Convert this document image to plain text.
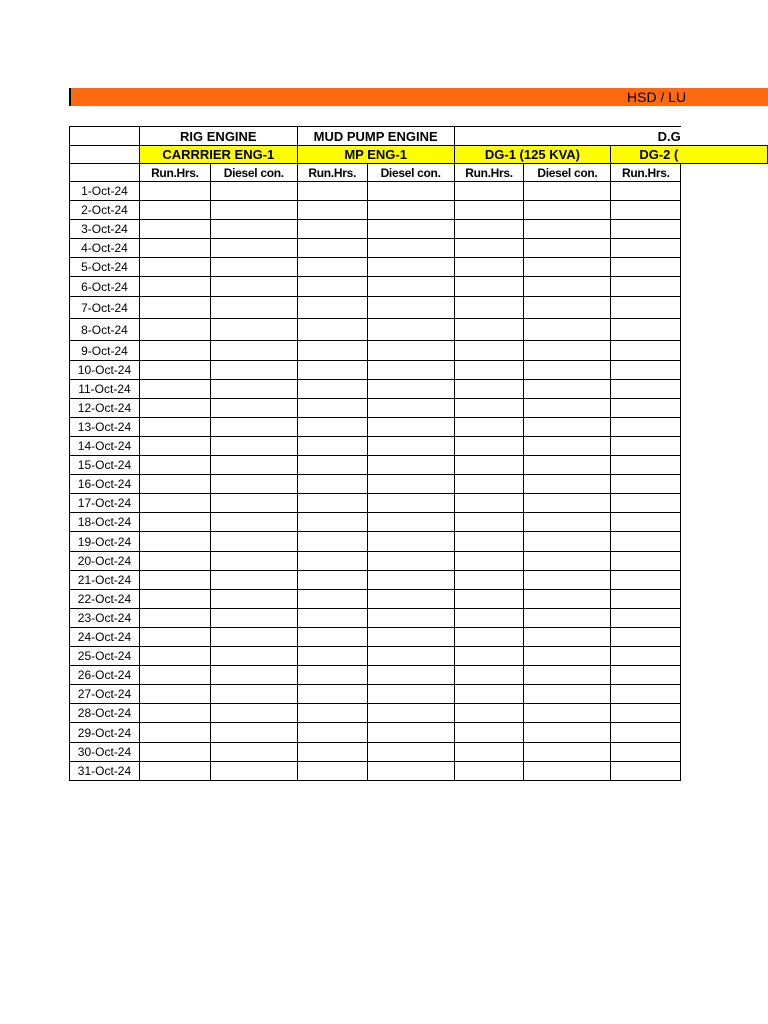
HSD / LU
	RIG ENGINE		MUD PUMP ENGINE		D.G			
	CARRRIER ENG-1		MP ENG-1		DG-1 (125 KVA)		DG-2 (	
	Run.Hrs.	Diesel con.	Run.Hrs.	Diesel con.	Run.Hrs.	Diesel con.	Run.Hrs.	
1-Oct-24								
2-Oct-24								
3-Oct-24								
4-Oct-24								
5-Oct-24								
6-Oct-24								
7-Oct-24								
8-Oct-24								
9-Oct-24								
10-Oct-24								
11-Oct-24								
12-Oct-24								
13-Oct-24								
14-Oct-24								
15-Oct-24								
16-Oct-24								
17-Oct-24								
18-Oct-24								
19-Oct-24								
20-Oct-24								
21-Oct-24								
22-Oct-24								
23-Oct-24								
24-Oct-24								
25-Oct-24								
26-Oct-24								
27-Oct-24								
28-Oct-24								
29-Oct-24								
30-Oct-24								
31-Oct-24								
